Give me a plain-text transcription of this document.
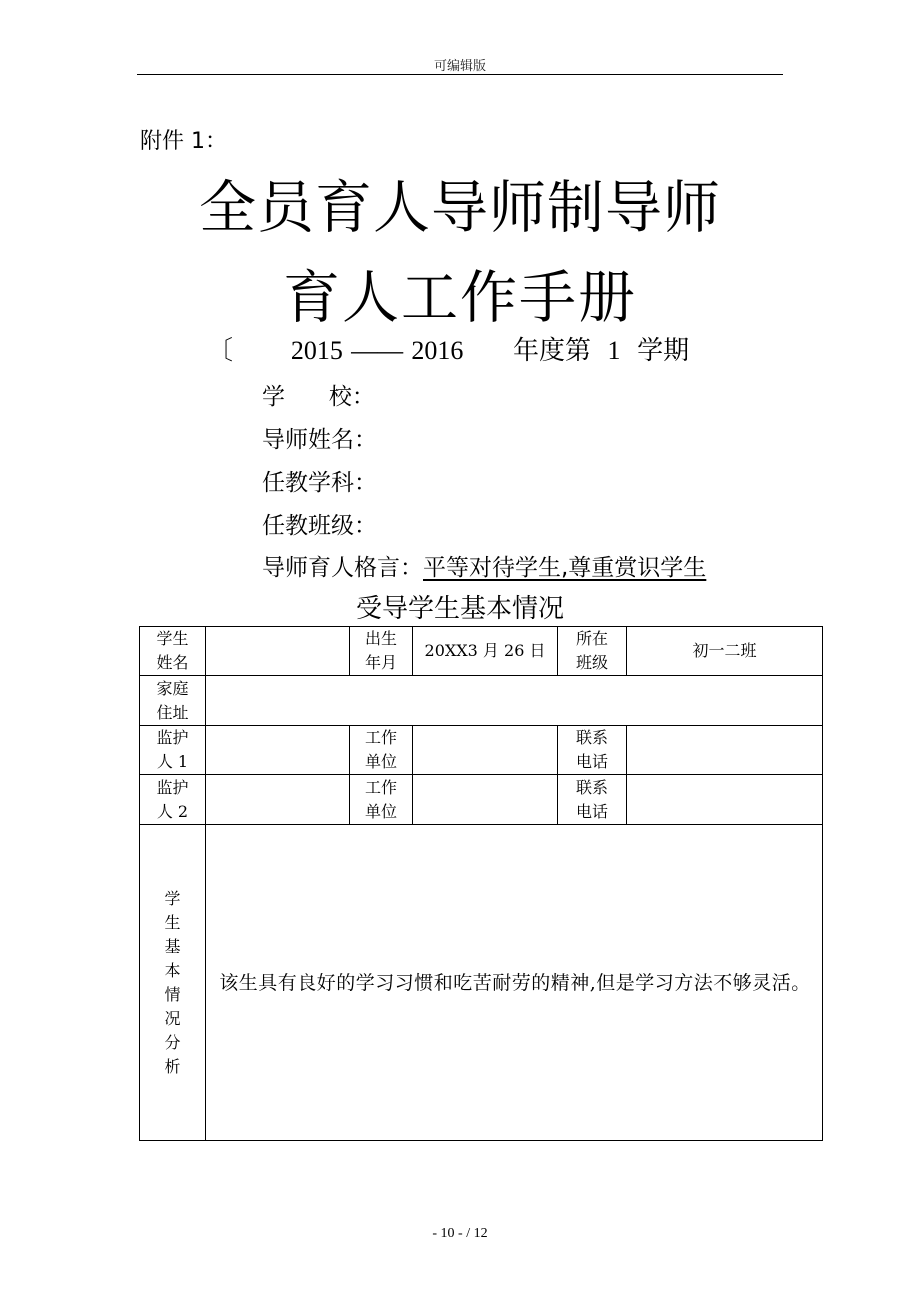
可编辑版
附件 1：
全员育人导师制导师
育人工作手册
〔 2015 —— 2016 年度第 1 学期
学      校：
导师姓名：
任教学科：
任教班级：
导师育人格言：平等对待学生,尊重赏识学生
受导学生基本情况
学生姓名		出生年月	20XX3 月 26 日	所在班级	初一二班

家庭住址					

监护人 1		工作单位		联系电话	

监护人 2		工作单位		联系电话	

学生基本情况分析	该生具有良好的学习习惯和吃苦耐劳的精神,但是学习方法不够灵活。				
- 10 - / 12
